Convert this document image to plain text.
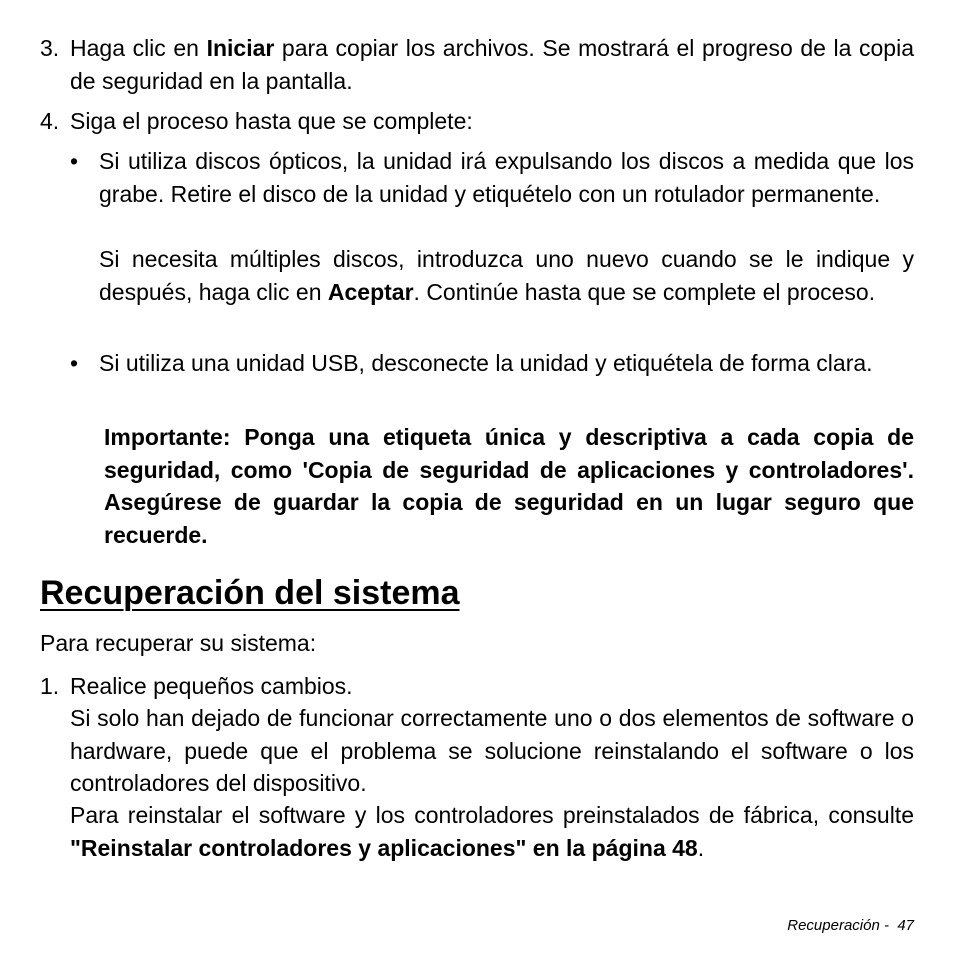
3. Haga clic en Iniciar para copiar los archivos. Se mostrará el progreso de la copia de seguridad en la pantalla.

4. Siga el proceso hasta que se complete:

• Si utiliza discos ópticos, la unidad irá expulsando los discos a medida que los grabe. Retire el disco de la unidad y etiquételo con un rotulador permanente.

Si necesita múltiples discos, introduzca uno nuevo cuando se le indique y después, haga clic en Aceptar. Continúe hasta que se complete el proceso.

• Si utiliza una unidad USB, desconecte la unidad y etiquétela de forma clara.

Importante: Ponga una etiqueta única y descriptiva a cada copia de seguridad, como 'Copia de seguridad de aplicaciones y controladores'. Asegúrese de guardar la copia de seguridad en un lugar seguro que recuerde.

Recuperación del sistema

Para recuperar su sistema:

1. Realice pequeños cambios.

Si solo han dejado de funcionar correctamente uno o dos elementos de software o hardware, puede que el problema se solucione reinstalando el software o los controladores del dispositivo.

Para reinstalar el software y los controladores preinstalados de fábrica, consulte "Reinstalar controladores y aplicaciones" en la página 48.

Recuperación - 47
